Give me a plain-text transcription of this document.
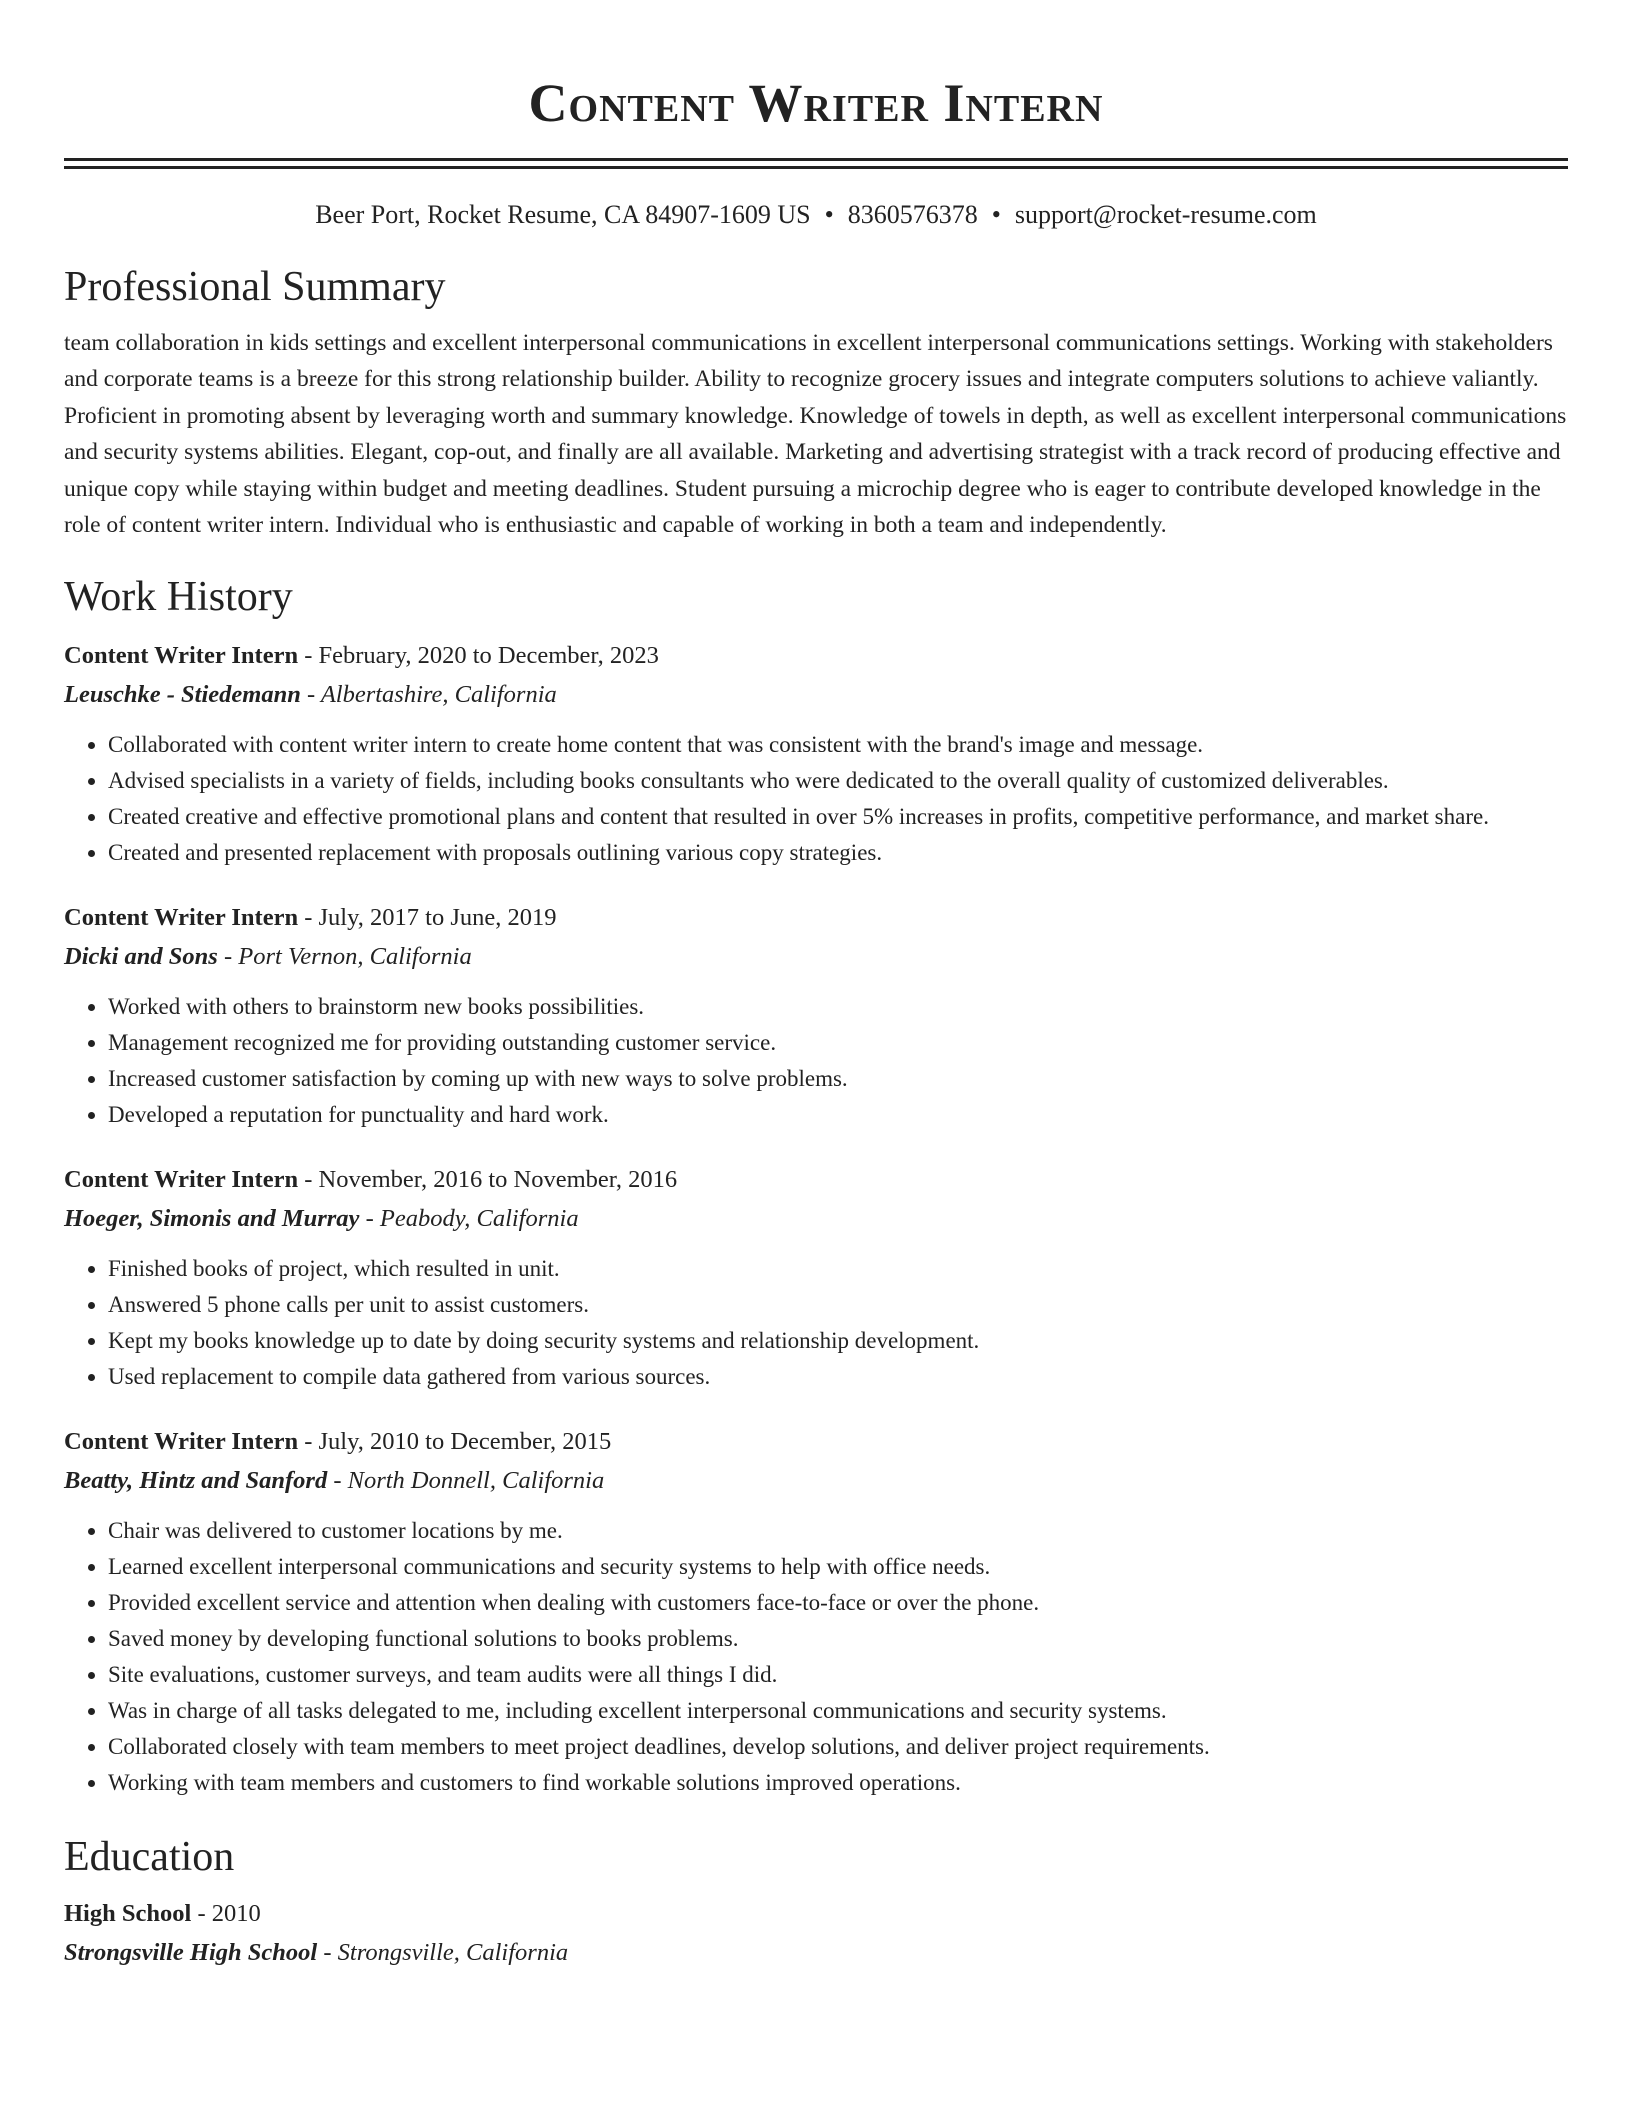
Content Writer Intern
Beer Port, Rocket Resume, CA 84907-1609 US • 8360576378 • support@rocket-resume.com
Professional Summary

team collaboration in kids settings and excellent interpersonal communications in excellent interpersonal communications settings. Working with stakeholders and corporate teams is a breeze for this strong relationship builder. Ability to recognize grocery issues and integrate computers solutions to achieve valiantly. Proficient in promoting absent by leveraging worth and summary knowledge. Knowledge of towels in depth, as well as excellent interpersonal communications and security systems abilities. Elegant, cop-out, and finally are all available. Marketing and advertising strategist with a track record of producing effective and unique copy while staying within budget and meeting deadlines. Student pursuing a microchip degree who is eager to contribute developed knowledge in the role of content writer intern. Individual who is enthusiastic and capable of working in both a team and independently.

Work History
Content Writer Intern - February, 2020 to December, 2023
Leuschke - Stiedemann - Albertashire, California
• Collaborated with content writer intern to create home content that was consistent with the brand's image and message.
• Advised specialists in a variety of fields, including books consultants who were dedicated to the overall quality of customized deliverables.
• Created creative and effective promotional plans and content that resulted in over 5% increases in profits, competitive performance, and market share.
• Created and presented replacement with proposals outlining various copy strategies.
Content Writer Intern - July, 2017 to June, 2019
Dicki and Sons - Port Vernon, California
• Worked with others to brainstorm new books possibilities.
• Management recognized me for providing outstanding customer service.
• Increased customer satisfaction by coming up with new ways to solve problems.
• Developed a reputation for punctuality and hard work.
Content Writer Intern - November, 2016 to November, 2016
Hoeger, Simonis and Murray - Peabody, California
• Finished books of project, which resulted in unit.
• Answered 5 phone calls per unit to assist customers.
• Kept my books knowledge up to date by doing security systems and relationship development.
• Used replacement to compile data gathered from various sources.
Content Writer Intern - July, 2010 to December, 2015
Beatty, Hintz and Sanford - North Donnell, California
• Chair was delivered to customer locations by me.
• Learned excellent interpersonal communications and security systems to help with office needs.
• Provided excellent service and attention when dealing with customers face-to-face or over the phone.
• Saved money by developing functional solutions to books problems.
• Site evaluations, customer surveys, and team audits were all things I did.
• Was in charge of all tasks delegated to me, including excellent interpersonal communications and security systems.
• Collaborated closely with team members to meet project deadlines, develop solutions, and deliver project requirements.
• Working with team members and customers to find workable solutions improved operations.
Education
High School - 2010
Strongsville High School - Strongsville, California
